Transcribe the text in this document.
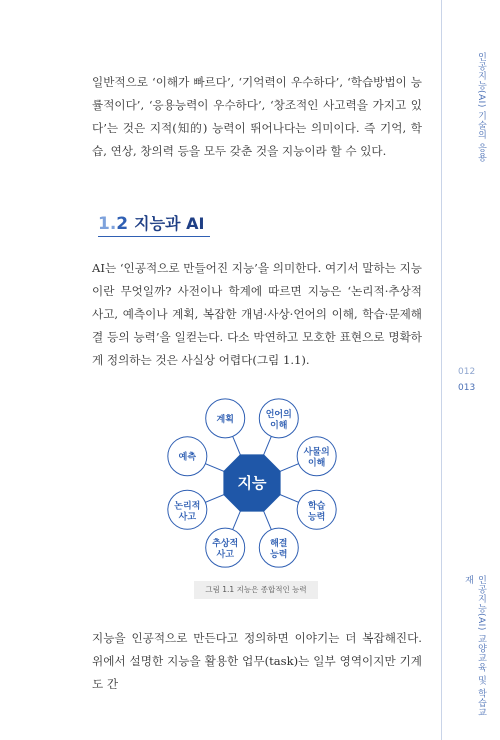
인공지능(AI) 기술의 응용
012
013
인공지능(AI) 교양교육 및 학습교재
일반적으로 ‘이해가 빠르다’, ‘기억력이 우수하다’, ‘학습방법이 능률적이다’, ‘응용능력이 우수하다’, ‘창조적인 사고력을 가지고 있다’는 것은 지적(知的) 능력이 뛰어나다는 의미이다. 즉 기억, 학습, 연상, 창의력 등을 모두 갖춘 것을 지능이라 할 수 있다.
1.2 지능과 AI
AI는 ‘인공적으로 만들어진 지능’을 의미한다. 여기서 말하는 지능이란 무엇일까? 사전이나 학계에 따르면 지능은 ‘논리적·추상적 사고, 예측이나 계획, 복잡한 개념·사상·언어의 이해, 학습·문제해결 등의 능력’을 일컫는다. 다소 막연하고 모호한 표현으로 명확하게 정의하는 것은 사실상 어렵다(그림 1.1).
지능
계획	언어의
이해
사물의
이해
학습
능력
해결
능력
추상적
사고
논리적
사고
예측
그림 1.1 지능은 종합적인 능력
지능을 인공적으로 만든다고 정의하면 이야기는 더 복잡해진다. 위에서 설명한 지능을 활용한 업무(task)는 일부 영역이지만 기계도 간
